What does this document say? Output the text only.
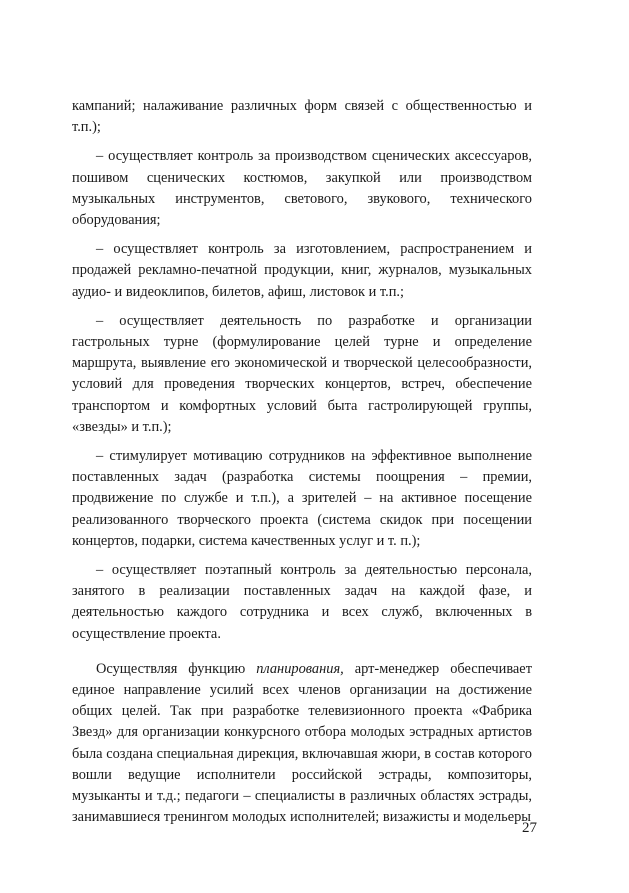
кампаний; налаживание различных форм связей с общественностью и т.п.);

– осуществляет контроль за производством сценических аксессуаров, пошивом сценических костюмов, закупкой или производством музыкальных инструментов, светового, звукового, технического оборудования;

– осуществляет контроль за изготовлением, распространением и продажей рекламно-печатной продукции, книг, журналов, музыкальных аудио- и видеоклипов, билетов, афиш, листовок и т.п.;

– осуществляет деятельность по разработке и организации гастрольных турне (формулирование целей турне и определение маршрута, выявление его экономической и творческой целесообразности, условий для проведения творческих концертов, встреч, обеспечение транспортом и комфортных условий быта гастролирующей группы, «звезды» и т.п.);

– стимулирует мотивацию сотрудников на эффективное выполнение поставленных задач (разработка системы поощрения – премии, продвижение по службе и т.п.), а зрителей – на активное посещение реализованного творческого проекта (система скидок при посещении концертов, подарки, система качественных услуг и т. п.);

– осуществляет поэтапный контроль за деятельностью персонала, занятого в реализации поставленных задач на каждой фазе, и деятельностью каждого сотрудника и всех служб, включенных в осуществление проекта.

Осуществляя функцию планирования, арт-менеджер обеспечивает единое направление усилий всех членов организации на достижение общих целей. Так при разработке телевизионного проекта «Фабрика Звезд» для организации конкурсного отбора молодых эстрадных артистов была создана специальная дирекция, включавшая жюри, в состав которого вошли ведущие исполнители российской эстрады, композиторы, музыканты и т.д.; педагоги – специалисты в различных областях эстрады, занимавшиеся тренингом молодых исполнителей; визажисты и модельеры

27
